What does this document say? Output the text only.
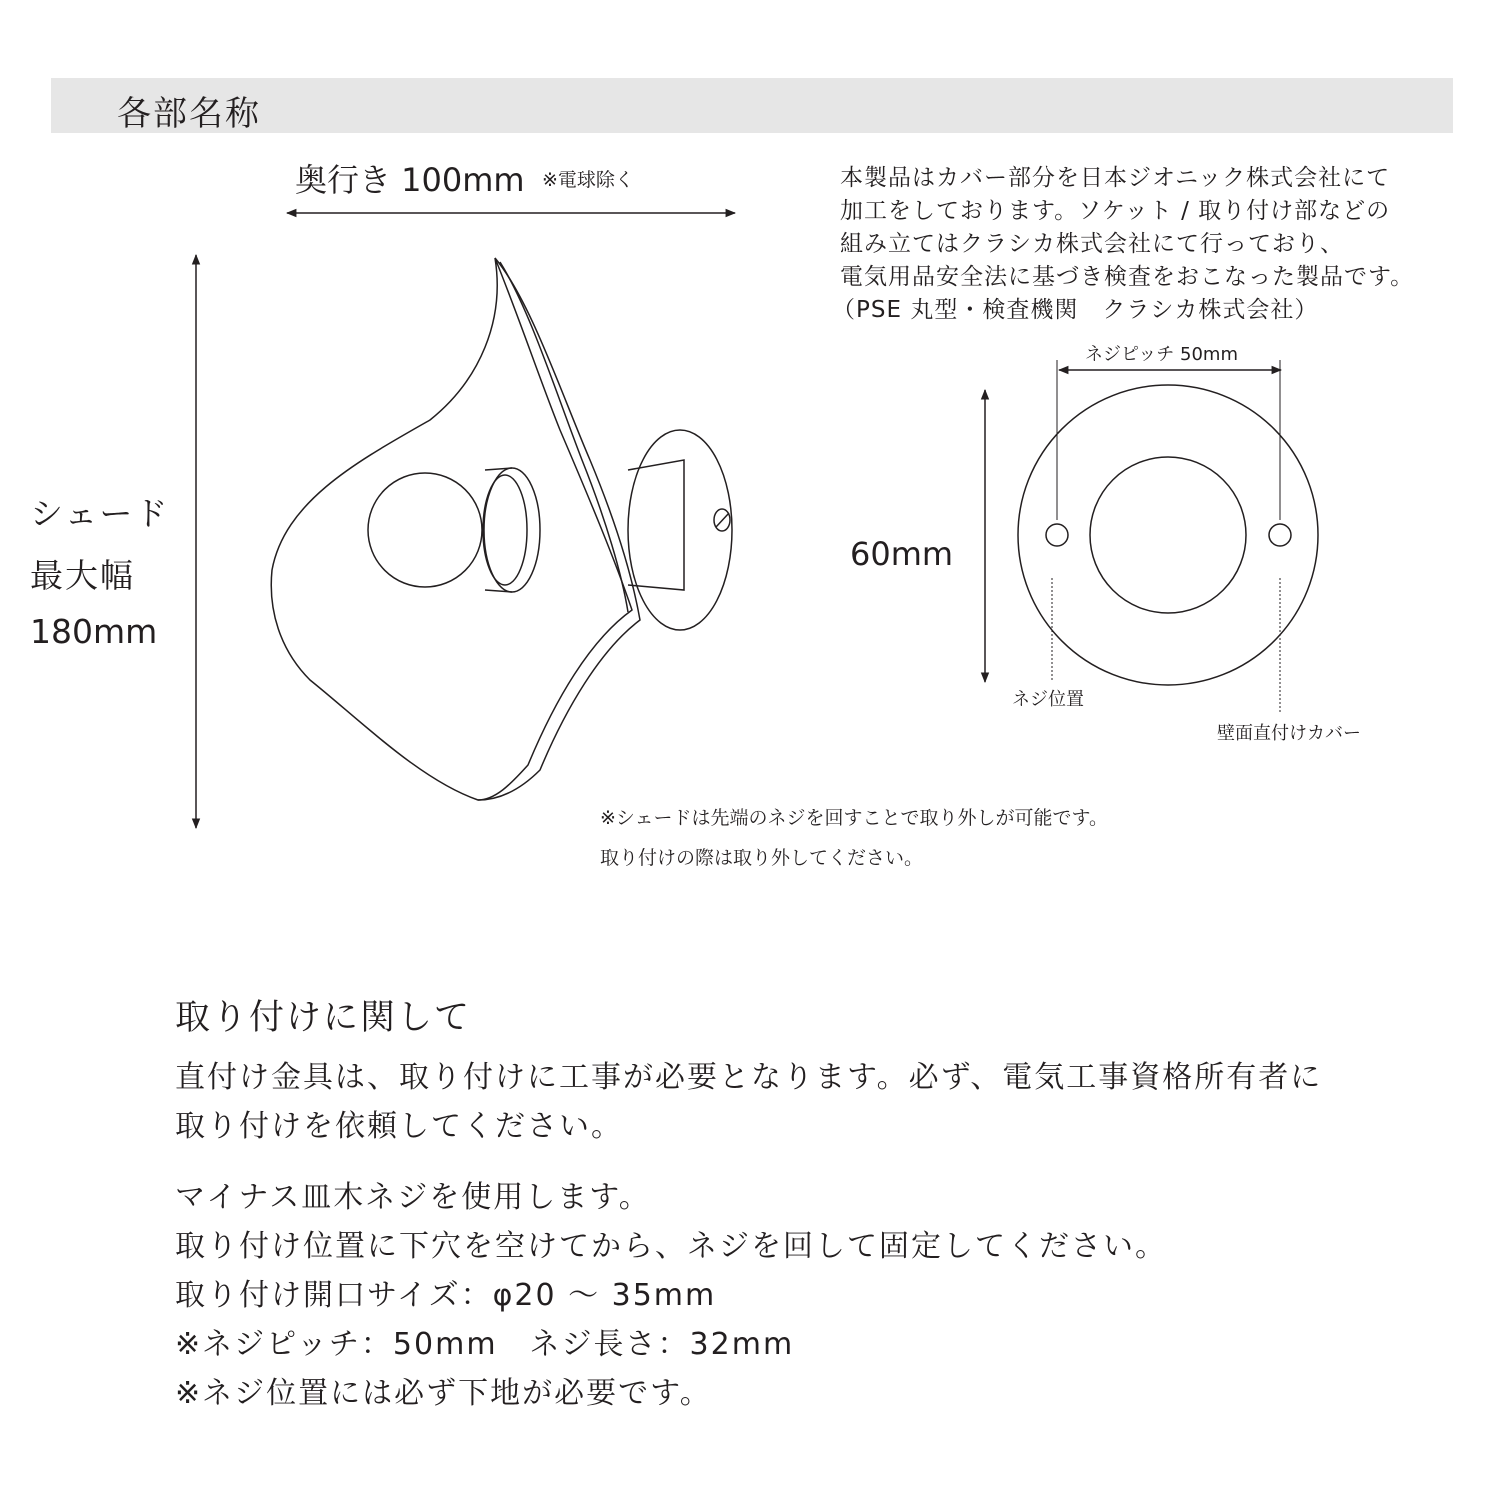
各部名称
奥行き 100mm ※電球除く
シェード
最大幅
180mm
本製品はカバー部分を日本ジオニック株式会社にて
加工をしております。ソケット / 取り付け部などの
組み立てはクラシカ株式会社にて行っており、
電気用品安全法に基づき検査をおこなった製品です。
（PSE 丸型・検査機関　クラシカ株式会社）
ネジピッチ 50mm
60mm
ネジ位置
壁面直付けカバー
※シェードは先端のネジを回すことで取り外しが可能です。
取り付けの際は取り外してください。
取り付けに関して
直付け金具は、取り付けに工事が必要となります。必ず、電気工事資格所有者に
取り付けを依頼してください。
マイナス皿木ネジを使用します。
取り付け位置に下穴を空けてから、ネジを回して固定してください。
取り付け開口サイズ：φ20 ～ 35mm
※ネジピッチ：50mm　ネジ長さ：32mm
※ネジ位置には必ず下地が必要です。
